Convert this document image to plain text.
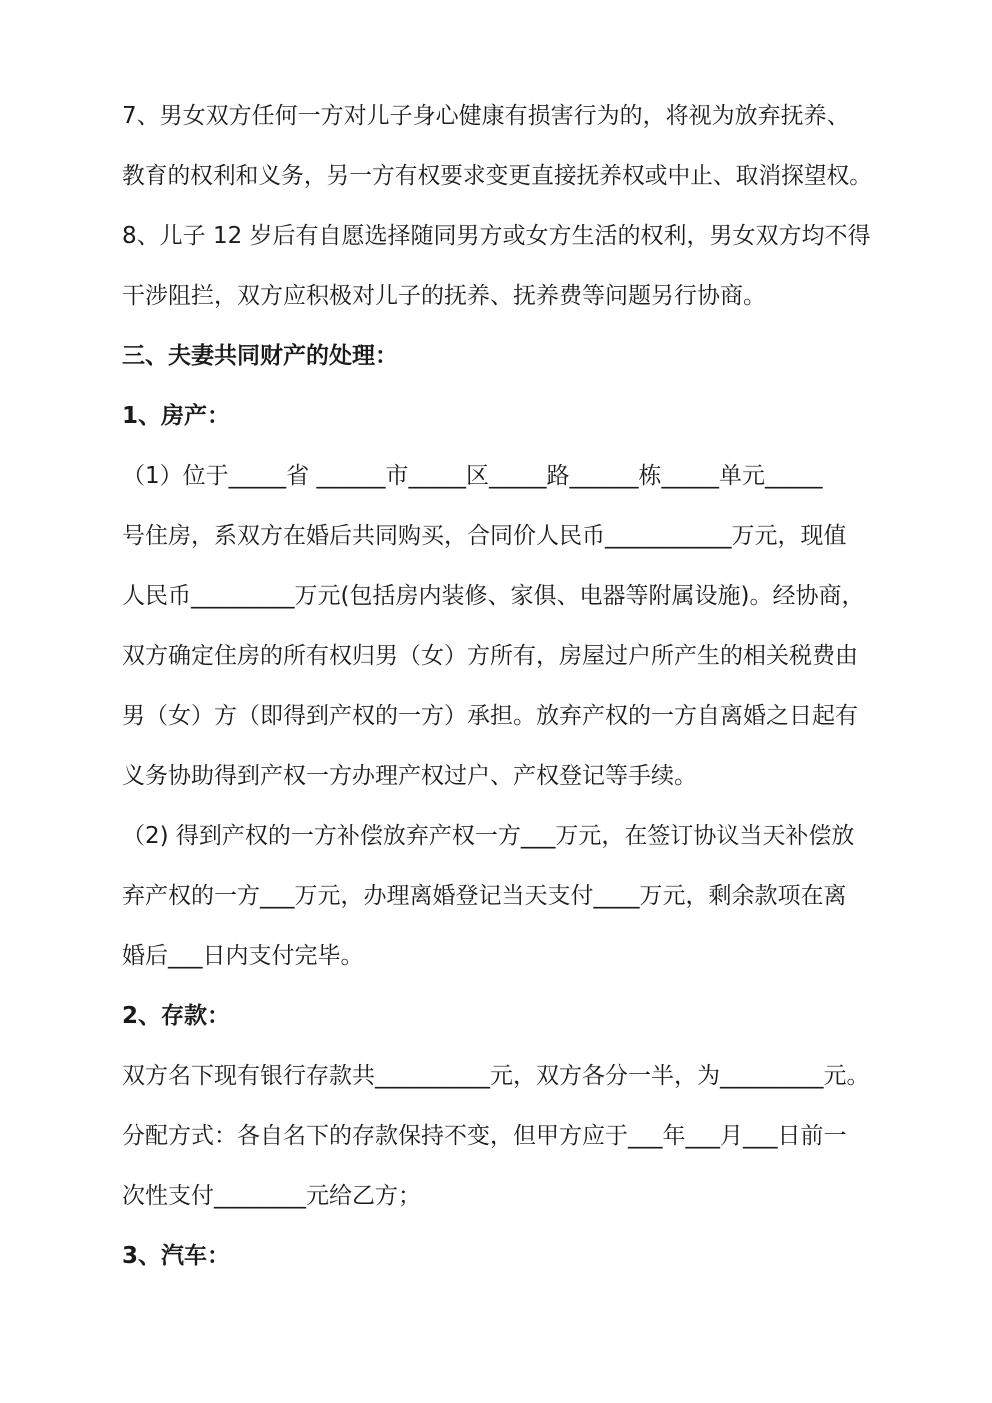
7、男女双方任何一方对儿子身心健康有损害行为的，将视为放弃抚养、
教育的权利和义务，另一方有权要求变更直接抚养权或中止、取消探望权。
8、儿子 12 岁后有自愿选择随同男方或女方生活的权利，男女双方均不得
干涉阻拦，双方应积极对儿子的抚养、抚养费等问题另行协商。
三、夫妻共同财产的处理：
1、房产：
（1）位于_____省 ______市_____区_____路______栋_____单元_____
号住房，系双方在婚后共同购买，合同价人民币___________万元，现值
人民币_________万元(包括房内装修、家俱、电器等附属设施)。经协商，
双方确定住房的所有权归男（女）方所有，房屋过户所产生的相关税费由
男（女）方（即得到产权的一方）承担。放弃产权的一方自离婚之日起有
义务协助得到产权一方办理产权过户、产权登记等手续。
（2) 得到产权的一方补偿放弃产权一方___万元，在签订协议当天补偿放
弃产权的一方___万元，办理离婚登记当天支付____万元，剩余款项在离
婚后___日内支付完毕。
2、存款：
双方名下现有银行存款共__________元，双方各分一半，为_________元。
分配方式：各自名下的存款保持不变，但甲方应于___年___月___日前一
次性支付________元给乙方；
3、汽车：
